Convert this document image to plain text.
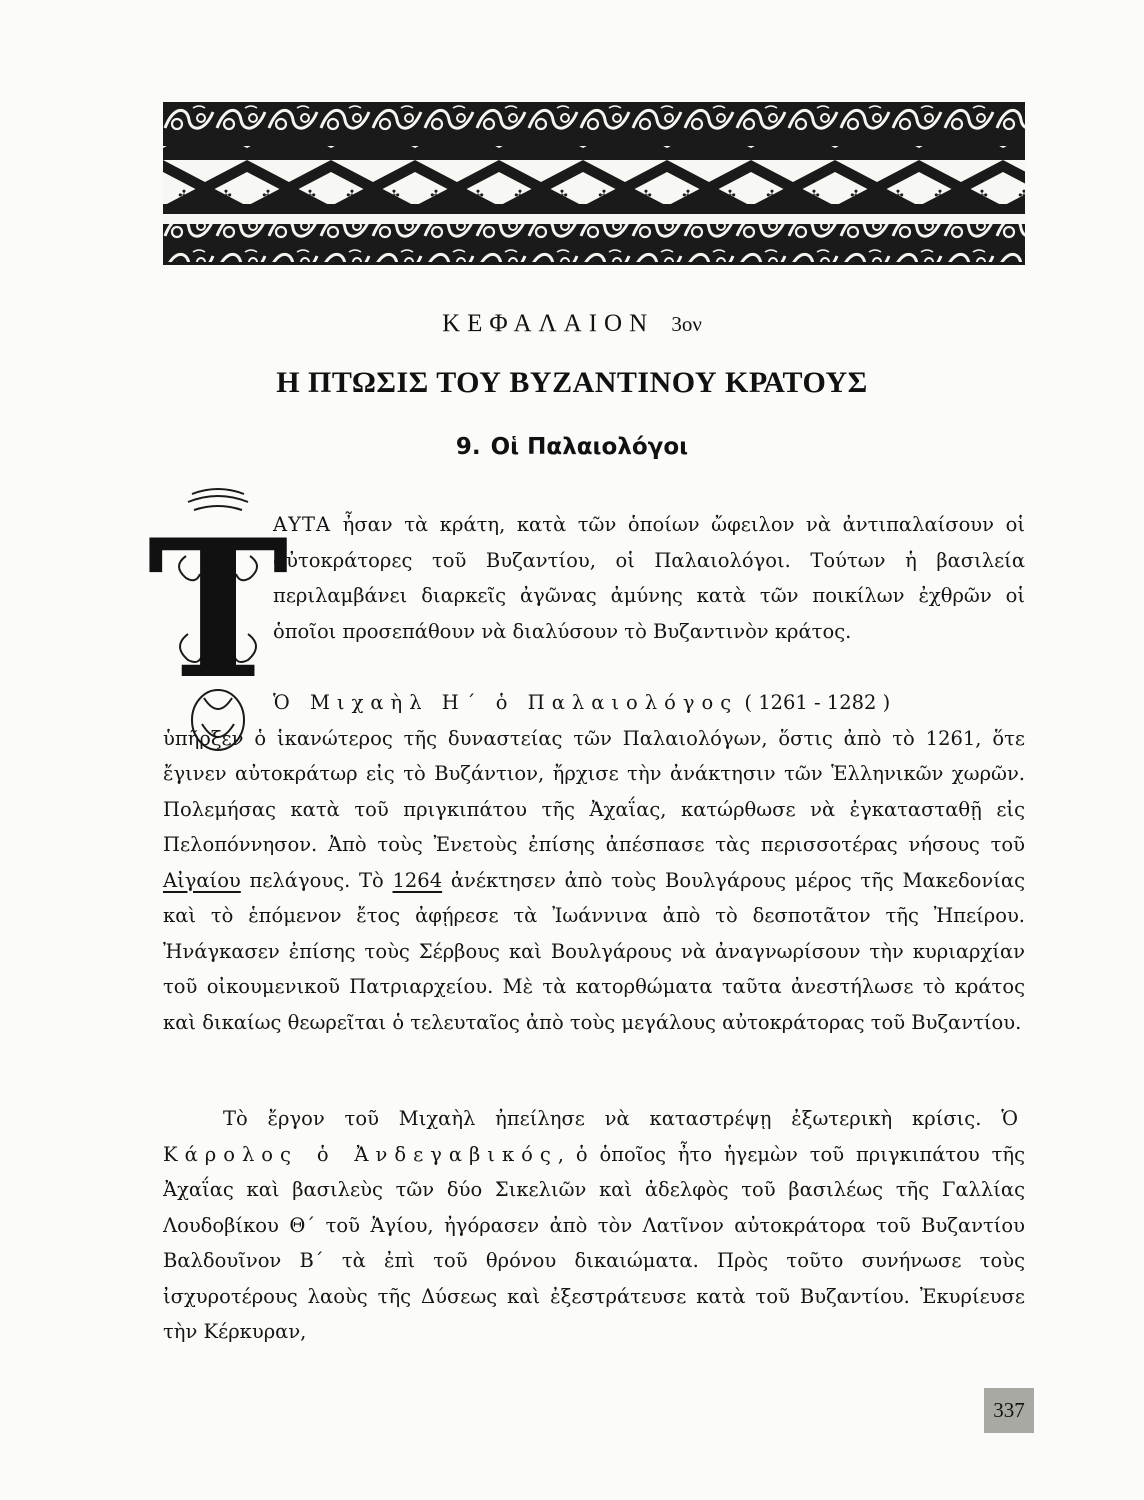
ΚΕΦΑΛΑΙΟΝ 3ον
Η ΠΤΩΣΙΣ ΤΟΥ ΒΥΖΑΝΤΙΝΟΥ ΚΡΑΤΟΥΣ
9. Οἱ Παλαιολόγοι
Τ
ΑΥΤΑ ἦσαν τὰ κράτη, κατὰ τῶν ὁποίων ὤφειλον νὰ ἀντιπαλαίσουν οἱ αὐτοκράτορες τοῦ Βυζαντίου, οἱ Παλαιολόγοι. Τούτων ἡ βασιλεία περιλαμβάνει διαρκεῖς ἀγῶνας ἀμύνης κατὰ τῶν ποικίλων ἐχθρῶν οἱ ὁποῖοι προσεπάθουν νὰ διαλύσουν τὸ Βυζαντινὸν κράτος.
Ὁ Μιχαὴλ Η΄ ὁ Παλαιολόγος ( 1261 - 1282 )
ὑπῆρξεν ὁ ἱκανώτερος τῆς δυναστείας τῶν Παλαιολόγων, ὅστις ἀπὸ τὸ 1261, ὅτε ἔγινεν αὐτοκράτωρ εἰς τὸ Βυζάντιον, ἤρχισε τὴν ἀνάκτησιν τῶν Ἑλληνικῶν χωρῶν. Πολεμήσας κατὰ τοῦ πριγκιπάτου τῆς Ἀχαΐας, κατώρθωσε νὰ ἐγκατασταθῇ εἰς Πελοπόννησον. Ἀπὸ τοὺς Ἐνετοὺς ἐπίσης ἀπέσπασε τὰς περισσοτέρας νήσους τοῦ Αἰγαίου πελάγους. Τὸ 1264 ἀνέκτησεν ἀπὸ τοὺς Βουλγάρους μέρος τῆς Μακεδονίας καὶ τὸ ἑπόμενον ἔτος ἀφῄρεσε τὰ Ἰωάννινα ἀπὸ τὸ δεσποτᾶτον τῆς Ἠπείρου. Ἠνάγκασεν ἐπίσης τοὺς Σέρβους καὶ Βουλγάρους νὰ ἀναγνωρίσουν τὴν κυριαρχίαν τοῦ οἰκουμενικοῦ Πατριαρχείου. Μὲ τὰ κατορθώματα ταῦτα ἀνεστήλωσε τὸ κράτος καὶ δικαίως θεωρεῖται ὁ τελευταῖος ἀπὸ τοὺς μεγάλους αὐτοκράτορας τοῦ Βυζαντίου.
Τὸ ἔργον τοῦ Μιχαὴλ ἠπείλησε νὰ καταστρέψῃ ἐξωτερικὴ κρίσις. Ὁ Κάρολος ὁ Ἀνδεγαβικός, ὁ ὁποῖος ἦτο ἡγεμὼν τοῦ πριγκιπάτου τῆς Ἀχαΐας καὶ βασιλεὺς τῶν δύο Σικελιῶν καὶ ἀδελφὸς τοῦ βασιλέως τῆς Γαλλίας Λουδοβίκου Θ΄ τοῦ Ἁγίου, ἠγόρασεν ἀπὸ τὸν Λατῖνον αὐτοκράτορα τοῦ Βυζαντίου Βαλδουῖνον Β΄ τὰ ἐπὶ τοῦ θρόνου δικαιώματα. Πρὸς τοῦτο συνήνωσε τοὺς ἰσχυροτέρους λαοὺς τῆς Δύσεως καὶ ἐξεστράτευσε κατὰ τοῦ Βυζαντίου. Ἐκυρίευσε τὴν Κέρκυραν,
337
